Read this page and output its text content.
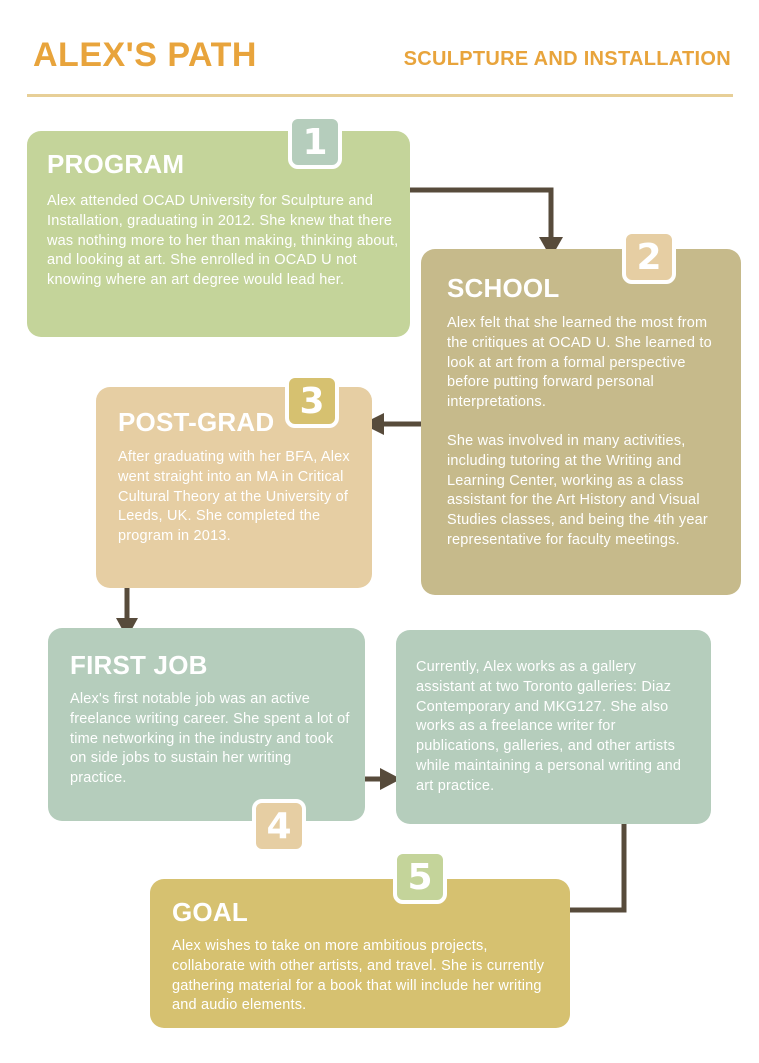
ALEX'S PATH	SCULPTURE AND INSTALLATION
PROGRAM

Alex attended OCAD University for Sculpture and Installation, graduating in 2012. She knew that there was nothing more to her than making, thinking about, and looking at art. She enrolled in OCAD U not knowing where an art degree would lead her.

1
SCHOOL

Alex felt that she learned the most from the critiques at OCAD U. She learned to look at art from a formal perspective before putting forward personal interpretations.

She was involved in many activities, including tutoring at the Writing and Learning Center, working as a class assistant for the Art History and Visual Studies classes, and being the 4th year representative for faculty meetings.

2
POST-GRAD

After graduating with her BFA, Alex went straight into an MA in Critical Cultural Theory at the University of Leeds, UK. She completed the program in 2013.

3
FIRST JOB

Alex's first notable job was an active freelance writing career. She spent a lot of time networking in the industry and took on side jobs to sustain her writing practice.

4

Currently, Alex works as a gallery assistant at two Toronto galleries: Diaz Contemporary and MKG127. She also works as a freelance writer for publications, galleries, and other artists while maintaining a personal writing and art practice.

GOAL

Alex wishes to take on more ambitious projects, collaborate with other artists, and travel. She is currently gathering material for a book that will include her writing and audio elements.

5
